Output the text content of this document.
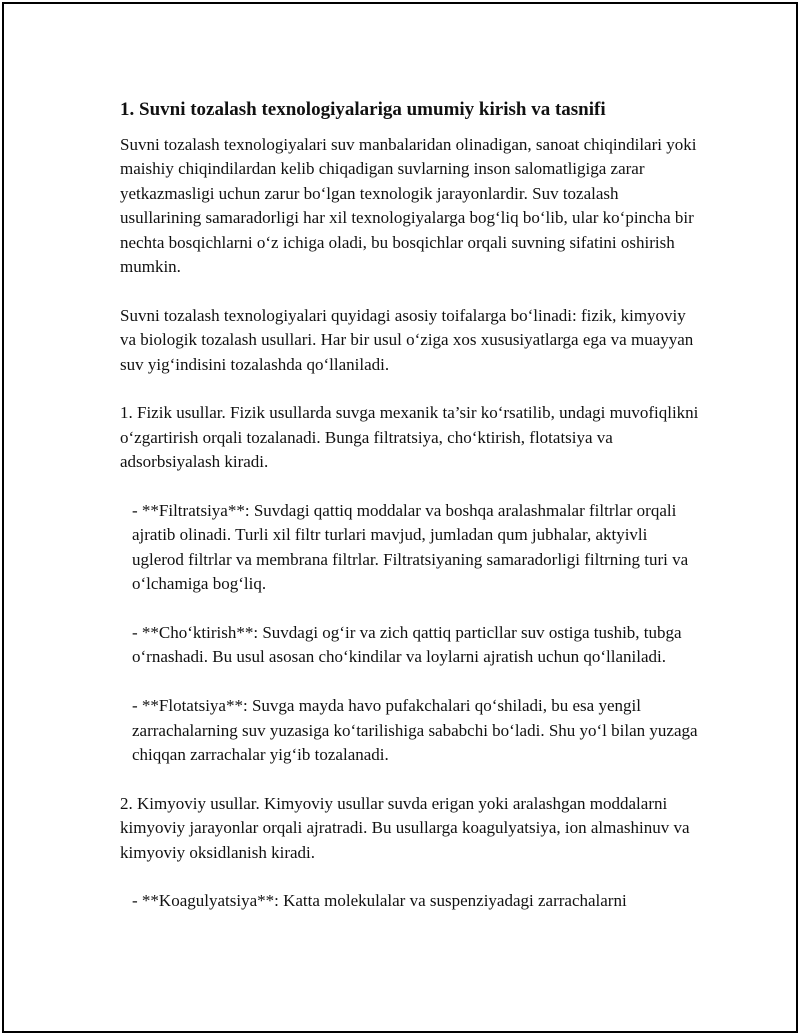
1. Suvni tozalash texnologiyalariga umumiy kirish va tasnifi

Suvni tozalash texnologiyalari suv manbalaridan olinadigan, sanoat chiqindilari yoki maishiy chiqindilardan kelib chiqadigan suvlarning inson salomatligiga zarar yetkazmasligi uchun zarur bo‘lgan texnologik jarayonlardir. Suv tozalash usullarining samaradorligi har xil texnologiyalarga bog‘liq bo‘lib, ular ko‘pincha bir nechta bosqichlarni o‘z ichiga oladi, bu bosqichlar orqali suvning sifatini oshirish mumkin.

Suvni tozalash texnologiyalari quyidagi asosiy toifalarga bo‘linadi: fizik, kimyoviy va biologik tozalash usullari. Har bir usul o‘ziga xos xususiyatlarga ega va muayyan suv yig‘indisini tozalashda qo‘llaniladi.

1. Fizik usullar. Fizik usullarda suvga mexanik ta’sir ko‘rsatilib, undagi muvofiqlikni o‘zgartirish orqali tozalanadi. Bunga filtratsiya, cho‘ktirish, flotatsiya va adsorbsiyalash kiradi.

- **Filtratsiya**: Suvdagi qattiq moddalar va boshqa aralashmalar filtrlar orqali ajratib olinadi. Turli xil filtr turlari mavjud, jumladan qum jubhalar, aktyivli uglerod filtrlar va membrana filtrlar. Filtratsiyaning samaradorligi filtrning turi va o‘lchamiga bog‘liq.

- **Cho‘ktirish**: Suvdagi og‘ir va zich qattiq particllar suv ostiga tushib, tubga o‘rnashadi. Bu usul asosan cho‘kindilar va loylarni ajratish uchun qo‘llaniladi.

- **Flotatsiya**: Suvga mayda havo pufakchalari qo‘shiladi, bu esa yengil zarrachalarning suv yuzasiga ko‘tarilishiga sababchi bo‘ladi. Shu yo‘l bilan yuzaga chiqqan zarrachalar yig‘ib tozalanadi.

2. Kimyoviy usullar. Kimyoviy usullar suvda erigan yoki aralashgan moddalarni kimyoviy jarayonlar orqali ajratradi. Bu usullarga koagulyatsiya, ion almashinuv va kimyoviy oksidlanish kiradi.

- **Koagulyatsiya**: Katta molekulalar va suspenziyadagi zarrachalarni
